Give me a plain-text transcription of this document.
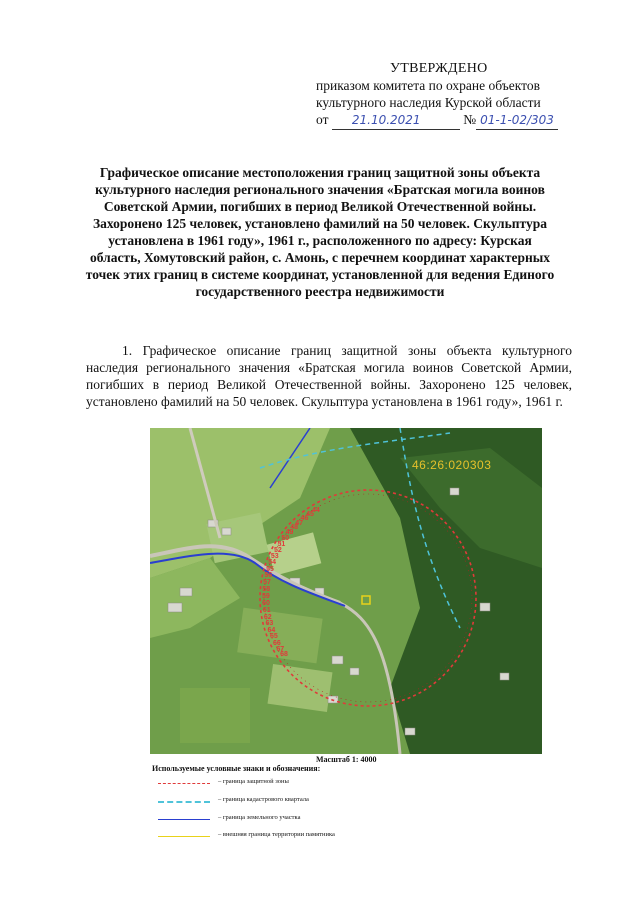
УТВЕРЖДЕНО
приказом комитета по охране объектов
культурного наследия Курской области
от 21.10.2021	№ 01-1-02/303
Графическое описание местоположения границ защитной зоны объекта культурного наследия регионального значения «Братская могила воинов Советской Армии, погибших в период Великой Отечественной войны. Захоронено 125 человек, установлено фамилий на 50 человек. Скульптура установлена в 1961 году», 1961 г., расположенного по адресу: Курская область, Хомутовский район, с. Амонь, с перечнем координат характерных точек этих границ в системе координат, установленной для ведения Единого государственного реестра недвижимости
1. Графическое описание границ защитной зоны объекта культурного наследия регионального значения «Братская могила воинов Советской Армии, погибших в период Великой Отечественной войны. Захоронено 125 человек, установлено фамилий на 50 человек. Скульптура установлена в 1961 году», 1961 г.
46:26:020303
68
67
66
65
64
63
62
61
60
59
58
57
56
55
54
53
52
51
50
49
48
47
46
45
44
Масштаб 1: 4000
Используемые условные знаки и обозначения:
– граница защитной зоны
– граница кадастрового квартала
– граница земельного участка
– внешняя граница территории памятника
